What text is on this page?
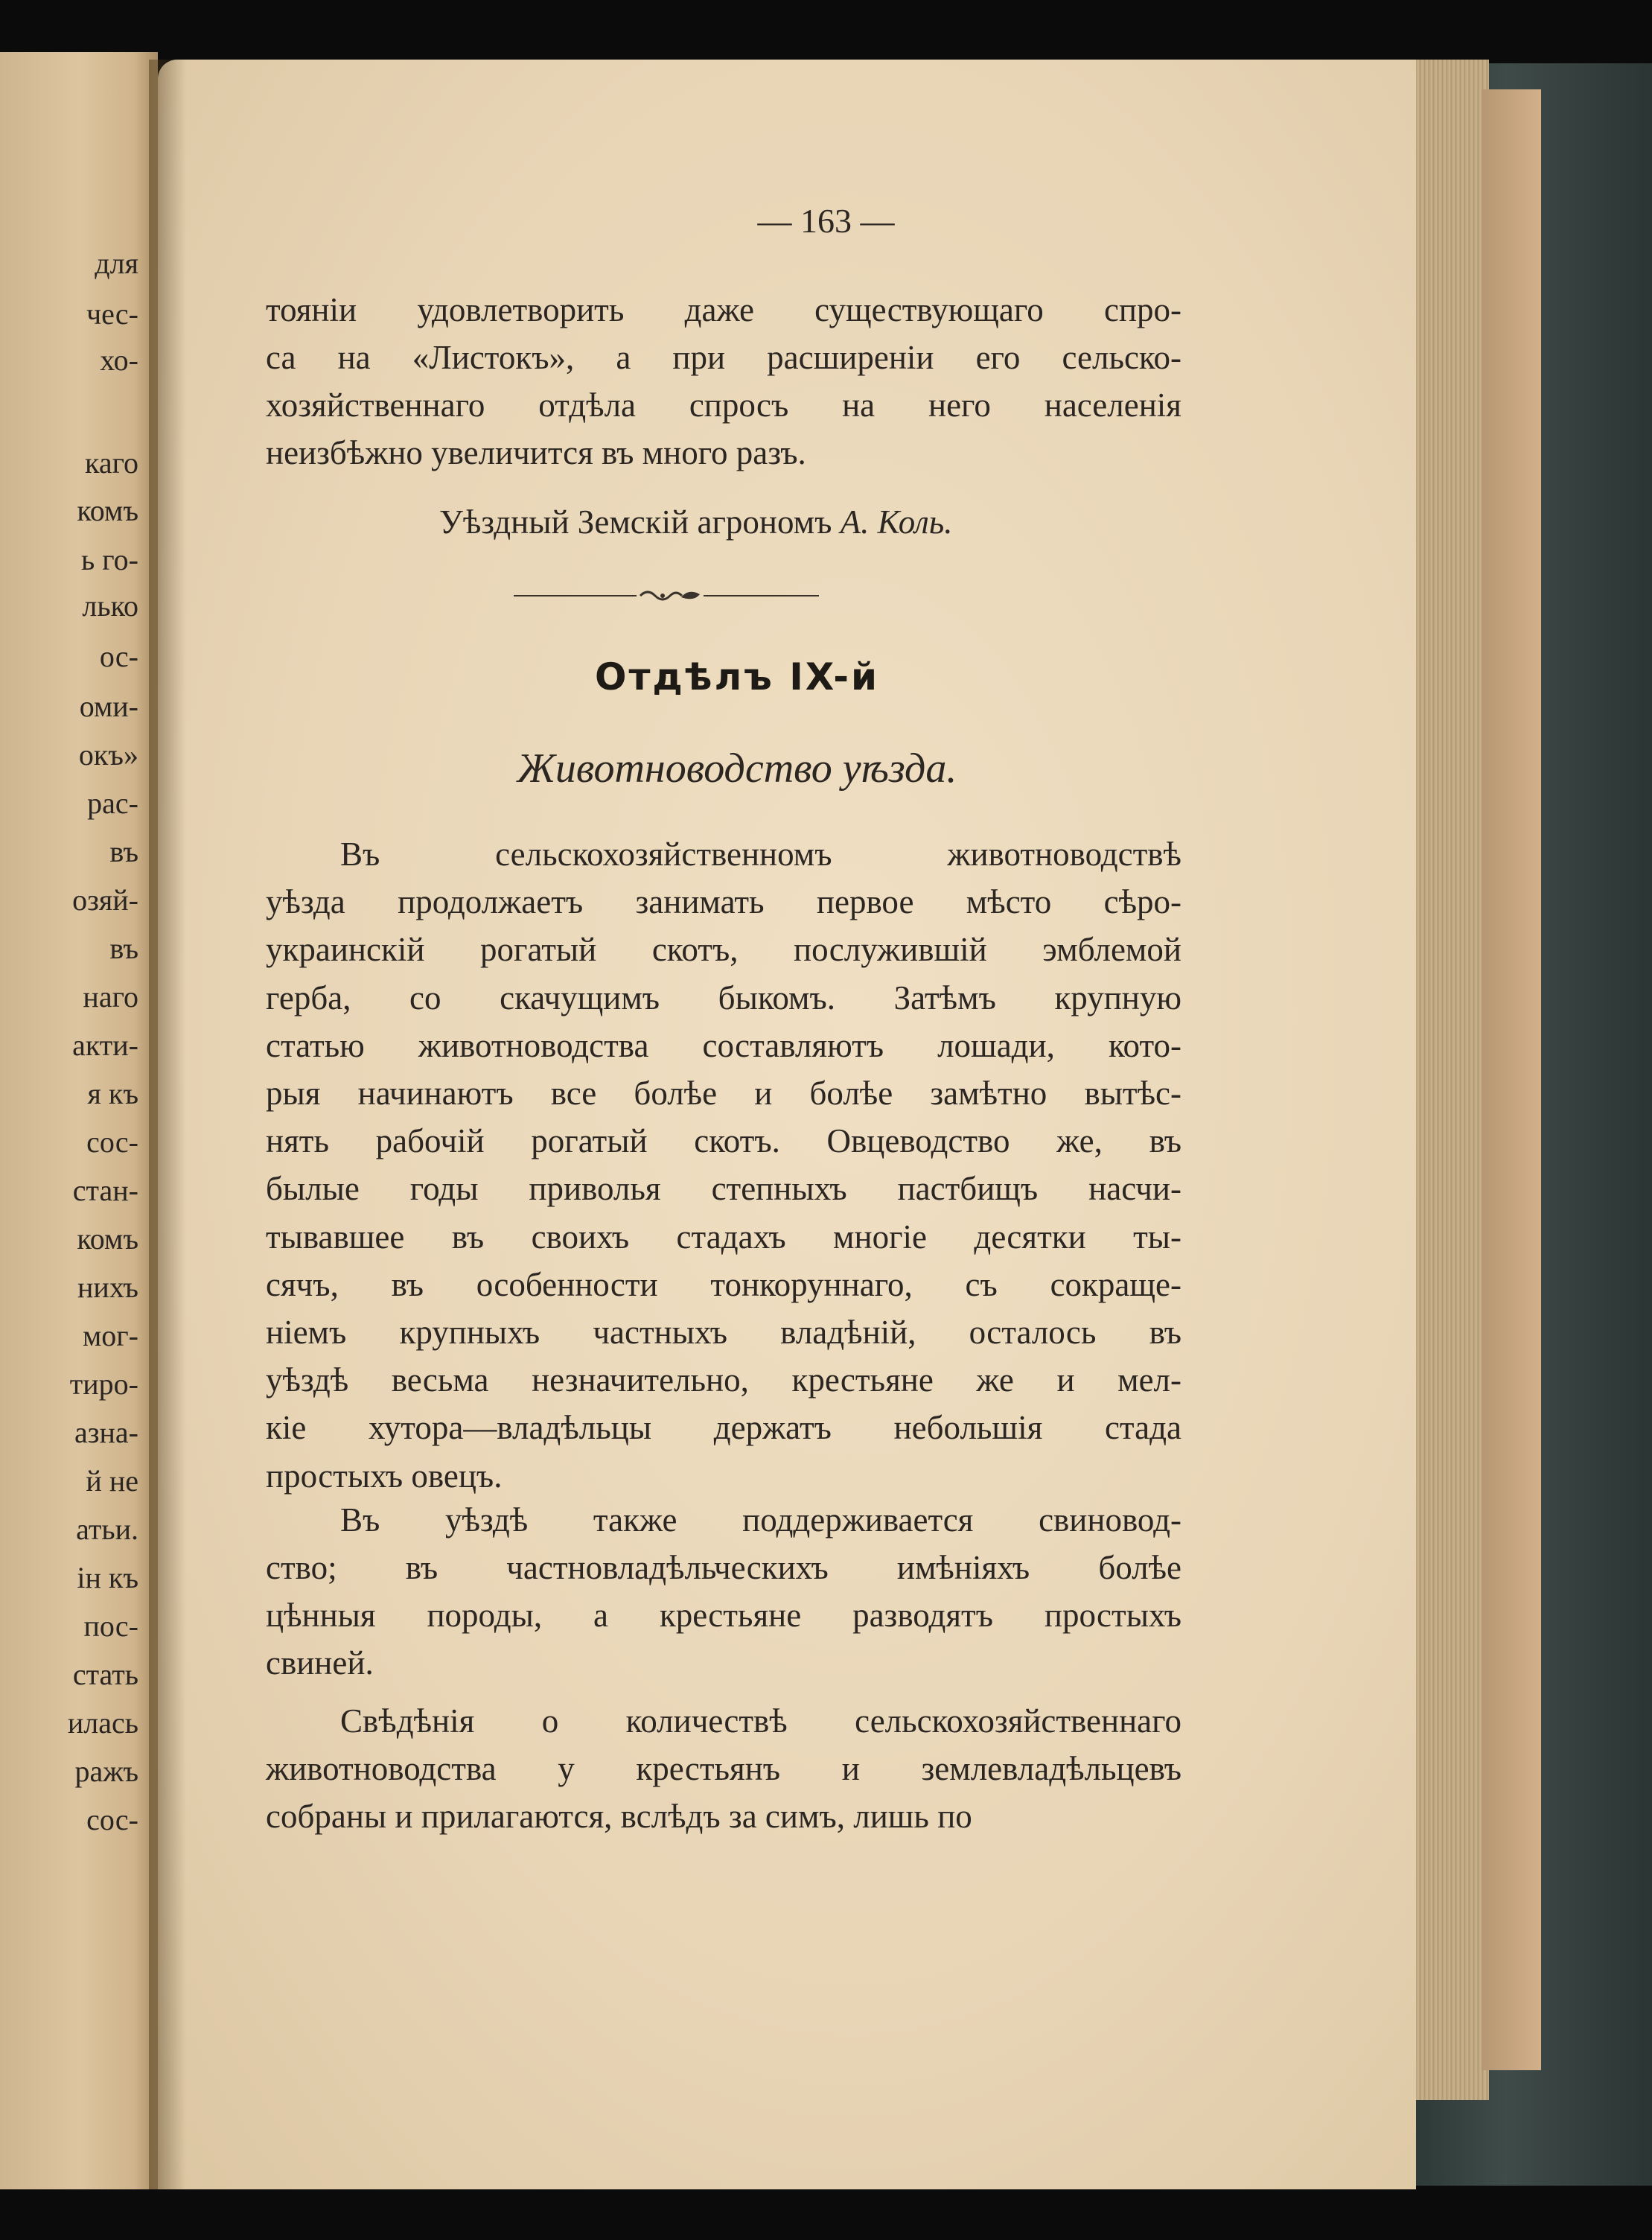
для
чес-
хо-
каго
комъ
ь го-
лько
ос-
оми-
окъ»
рас-
въ
озяй-
въ
наго
акти-
я къ
сос-
стан-
комъ
нихъ
мог-
тиро-
азна-
й не
атьи.
ін къ
пос-
стать
илась
ражъ
сос-
— 163 —
тояніи удовлетворить даже существующаго спро-
са на «Листокъ», а при расширеніи его сельско-
хозяйственнаго отдѣла спросъ на него населенія
неизбѣжно увеличится въ много разъ.
Уѣздный Земскій агрономъ А. Коль.
Отдѣлъ IX-й
Животноводство уѣзда.
Въ сельскохозяйственномъ животноводствѣ
уѣзда продолжаетъ занимать первое мѣсто сѣро-
украинскій рогатый скотъ, послужившій эмблемой
герба, со скачущимъ быкомъ. Затѣмъ крупную
статью животноводства составляютъ лошади, кото-
рыя начинаютъ все болѣе и болѣе замѣтно вытѣс-
нять рабочій рогатый скотъ. Овцеводство же, въ
былые годы приволья степныхъ пастбищъ насчи-
тывавшее въ своихъ стадахъ многіе десятки ты-
сячъ, въ особенности тонкоруннаго, съ сокраще-
ніемъ крупныхъ частныхъ владѣній, осталось въ
уѣздѣ весьма незначительно, крестьяне же и мел-
кіе хутора—владѣльцы держатъ небольшія стада
простыхъ овецъ.
Въ уѣздѣ также поддерживается свиновод-
ство; въ частновладѣльческихъ имѣніяхъ болѣе
цѣнныя породы, а крестьяне разводятъ простыхъ
свиней.
Свѣдѣнія о количествѣ сельскохозяйственнаго
животноводства у крестьянъ и землевладѣльцевъ
собраны и прилагаются, вслѣдъ за симъ, лишь по
